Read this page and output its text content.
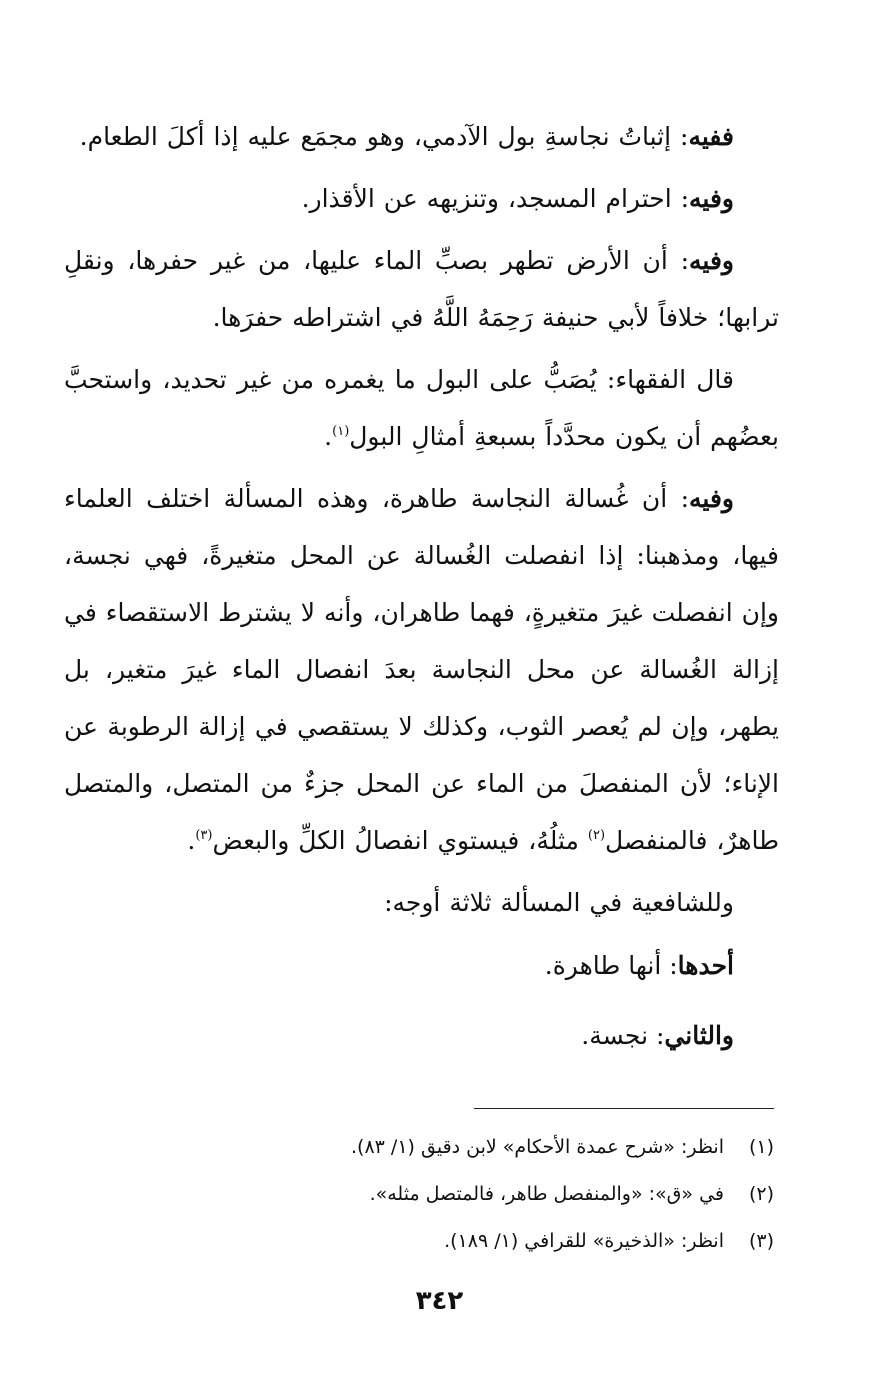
ففيه: إثباتُ نجاسةِ بول الآدمي، وهو مجمَع عليه إذا أكلَ الطعام.

وفيه: احترام المسجد، وتنزيهه عن الأقذار.

وفيه: أن الأرض تطهر بصبِّ الماء عليها، من غير حفرها، ونقلِ ترابها؛ خلافاً لأبي حنيفة رَحِمَهُ اللَّهُ في اشتراطه حفرَها.

قال الفقهاء: يُصَبُّ على البول ما يغمره من غير تحديد، واستحبَّ بعضُهم أن يكون محدَّداً بسبعةِ أمثالِ البول$^{(١)}$.

وفيه: أن غُسالة النجاسة طاهرة، وهذه المسألة اختلف العلماء فيها، ومذهبنا: إذا انفصلت الغُسالة عن المحل متغيرةً، فهي نجسة، وإن انفصلت غيرَ متغيرةٍ، فهما طاهران، وأنه لا يشترط الاستقصاء في إزالة الغُسالة عن محل النجاسة بعدَ انفصال الماء غيرَ متغير، بل يطهر، وإن لم يُعصر الثوب، وكذلك لا يستقصي في إزالة الرطوبة عن الإناء؛ لأن المنفصلَ من الماء عن المحل جزءٌ من المتصل، والمتصل طاهرٌ، فالمنفصل$^{(٢)}$ مثلُهُ، فيستوي انفصالُ الكلِّ والبعض$^{(٣)}$.

وللشافعية في المسألة ثلاثة أوجه:

أحدها: أنها طاهرة.

والثاني: نجسة.

(١)
انظر: «شرح عمدة الأحكام» لابن دقيق (١/ ٨٣).
(٢)
في «ق»: «والمنفصل طاهر، فالمتصل مثله».
(٣)
انظر: «الذخيرة» للقرافي (١/ ١٨٩).
٣٤٢
